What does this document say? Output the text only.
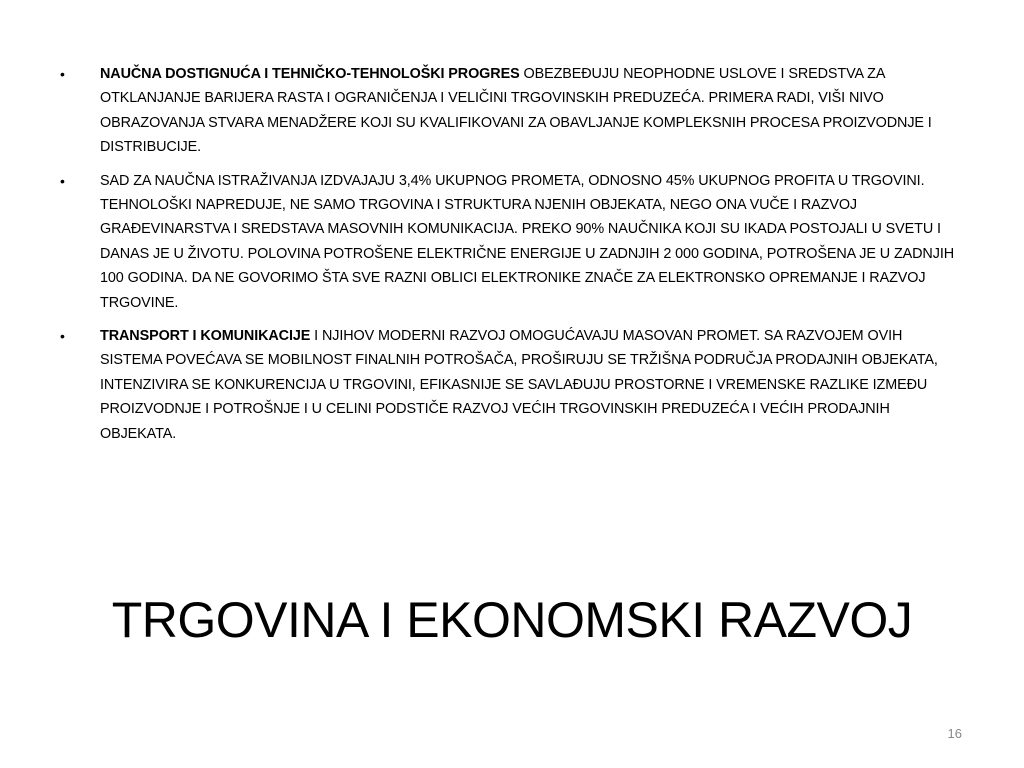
• NAUČNA DOSTIGNUĆA I TEHNIČKO-TEHNOLOŠKI PROGRES OBEZBEĐUJU NEOPHODNE USLOVE I SREDSTVA ZA OTKLANJANJE BARIJERA RASTA I OGRANIČENJA I VELIČINI TRGOVINSKIH PREDUZEĆA. PRIMERA RADI, VIŠI NIVO OBRAZOVANJA STVARA MENADŽERE KOJI SU KVALIFIKOVANI ZA OBAVLJANJE KOMPLEKSNIH PROCESA PROIZVODNJE I DISTRIBUCIJE.
• SAD ZA NAUČNA ISTRAŽIVANJA IZDVAJAJU 3,4% UKUPNOG PROMETA, ODNOSNO 45% UKUPNOG PROFITA U TRGOVINI. TEHNOLOŠKI NAPREDUJE, NE SAMO TRGOVINA I STRUKTURA NJENIH OBJEKATA, NEGO ONA VUČE I RAZVOJ GRAĐEVINARSTVA I SREDSTAVA MASOVNIH KOMUNIKACIJA. PREKO 90% NAUČNIKA KOJI SU IKADA POSTOJALI U SVETU I DANAS JE U ŽIVOTU. POLOVINA POTROŠENE ELEKTRIČNE ENERGIJE U ZADNJIH 2 000 GODINA, POTROŠENA JE U ZADNJIH 100 GODINA. DA NE GOVORIMO ŠTA SVE RAZNI OBLICI ELEKTRONIKE ZNAČE ZA ELEKTRONSKO OPREMANJE I RAZVOJ TRGOVINE.
• TRANSPORT I KOMUNIKACIJE I NJIHOV MODERNI RAZVOJ OMOGUĆAVAJU MASOVAN PROMET. SA RAZVOJEM OVIH SISTEMA POVEĆAVA SE MOBILNOST FINALNIH POTROŠAČA, PROŠIRUJU SE TRŽIŠNA PODRUČJA PRODAJNIH OBJEKATA, INTENZIVIRA SE KONKURENCIJA U TRGOVINI, EFIKASNIJE SE SAVLAĐUJU PROSTORNE I VREMENSKE RAZLIKE IZMEĐU PROIZVODNJE I POTROŠNJE I U CELINI PODSTIČE RAZVOJ VEĆIH TRGOVINSKIH PREDUZEĆA I VEĆIH PRODAJNIH OBJEKATA.
TRGOVINA I EKONOMSKI RAZVOJ
16
